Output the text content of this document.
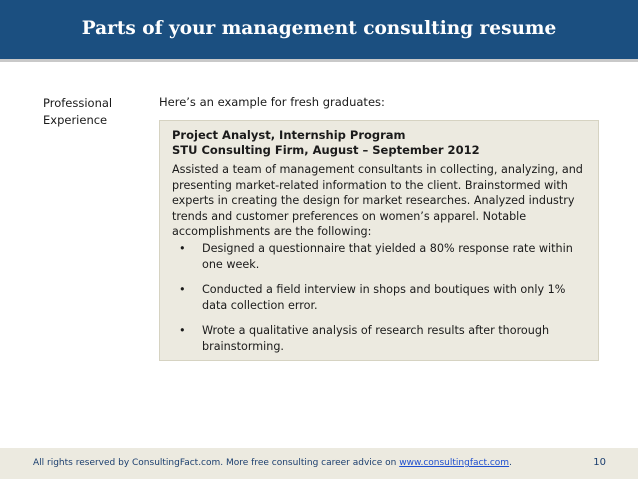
Parts of your management consulting resume
Professional
Experience
Here’s an example for fresh graduates:
Project Analyst, Internship Program
STU Consulting Firm, August – September 2012
Assisted a team of management consultants in collecting, analyzing, and presenting market-related information to the client. Brainstormed with experts in creating the design for market researches. Analyzed industry trends and customer preferences on women’s apparel. Notable accomplishments are the following:
• Designed a questionnaire that yielded a 80% response rate within one week.
• Conducted a field interview in shops and boutiques with only 1% data collection error.
• Wrote a qualitative analysis of research results after thorough brainstorming.
All rights reserved by ConsultingFact.com. More free consulting career advice on www.consultingfact.com.	10
